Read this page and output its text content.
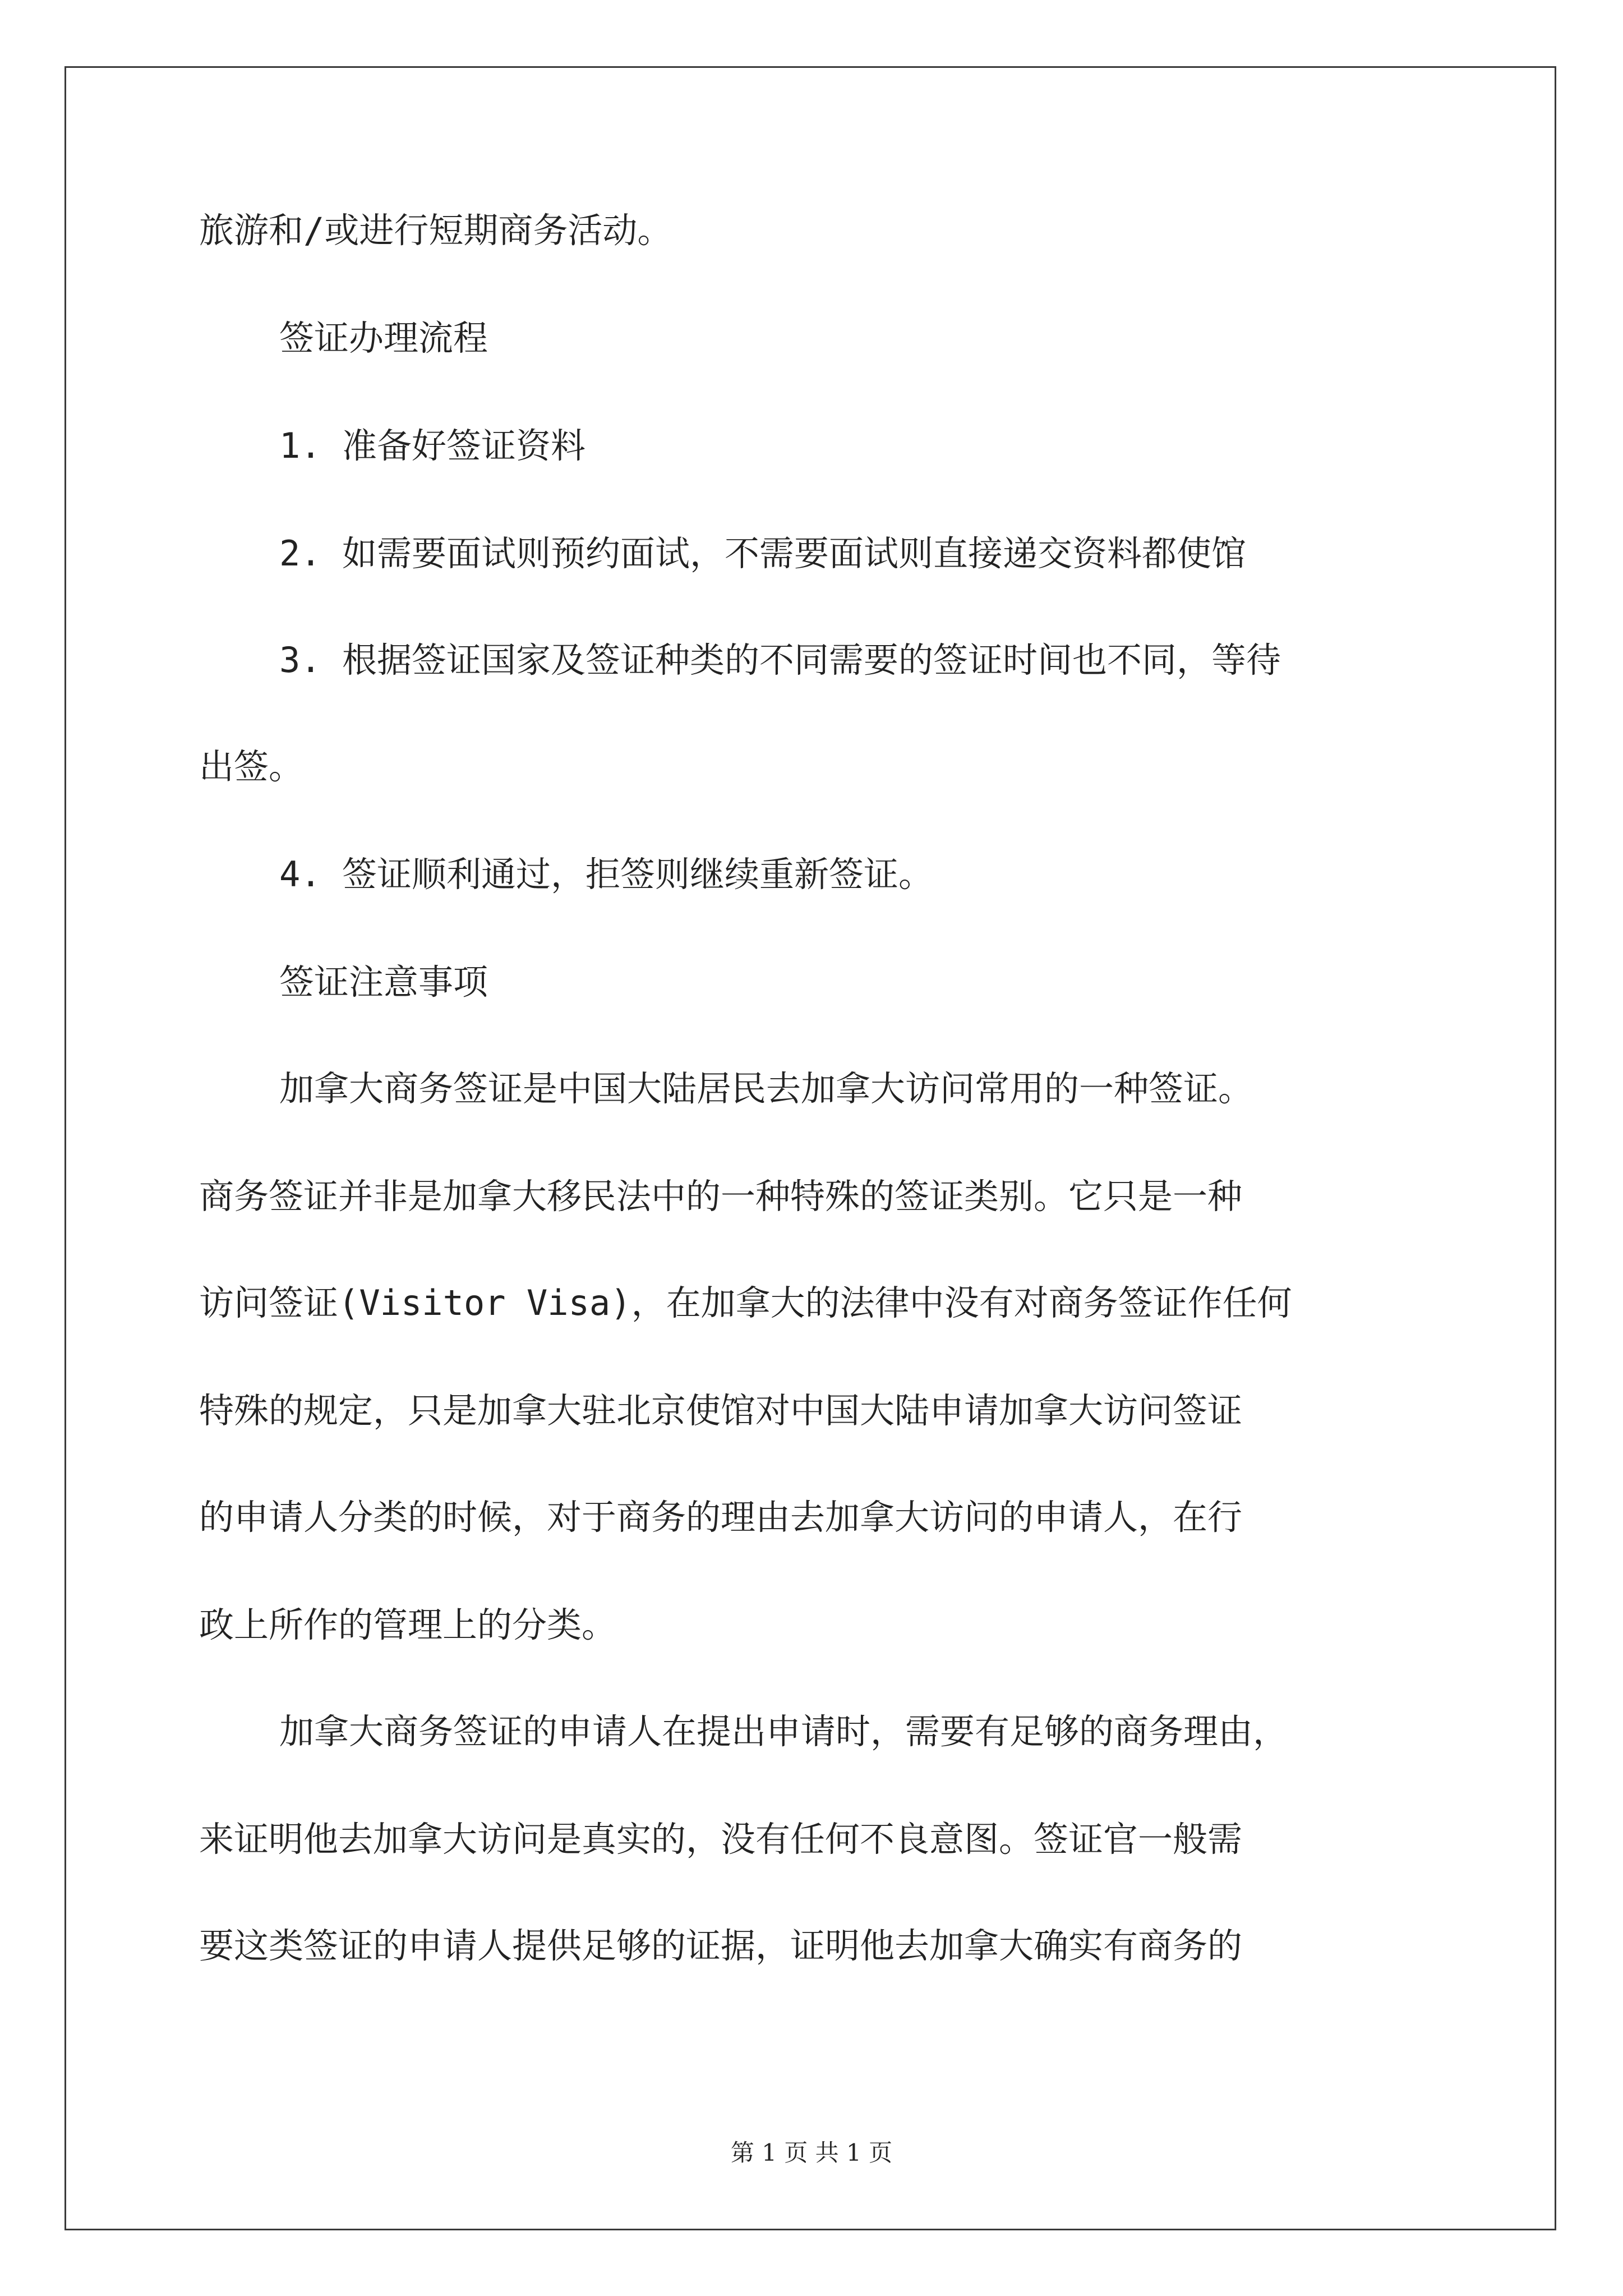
旅游和/或进行短期商务活动。
签证办理流程
1. 准备好签证资料
2. 如需要面试则预约面试，不需要面试则直接递交资料都使馆
3. 根据签证国家及签证种类的不同需要的签证时间也不同，等待
出签。
4. 签证顺利通过，拒签则继续重新签证。
签证注意事项
加拿大商务签证是中国大陆居民去加拿大访问常用的一种签证。
商务签证并非是加拿大移民法中的一种特殊的签证类别。它只是一种
访问签证(Visitor Visa)，在加拿大的法律中没有对商务签证作任何
特殊的规定，只是加拿大驻北京使馆对中国大陆申请加拿大访问签证
的申请人分类的时候，对于商务的理由去加拿大访问的申请人，在行
政上所作的管理上的分类。
加拿大商务签证的申请人在提出申请时，需要有足够的商务理由，
来证明他去加拿大访问是真实的，没有任何不良意图。签证官一般需
要这类签证的申请人提供足够的证据，证明他去加拿大确实有商务的
第 1 页 共 1 页
